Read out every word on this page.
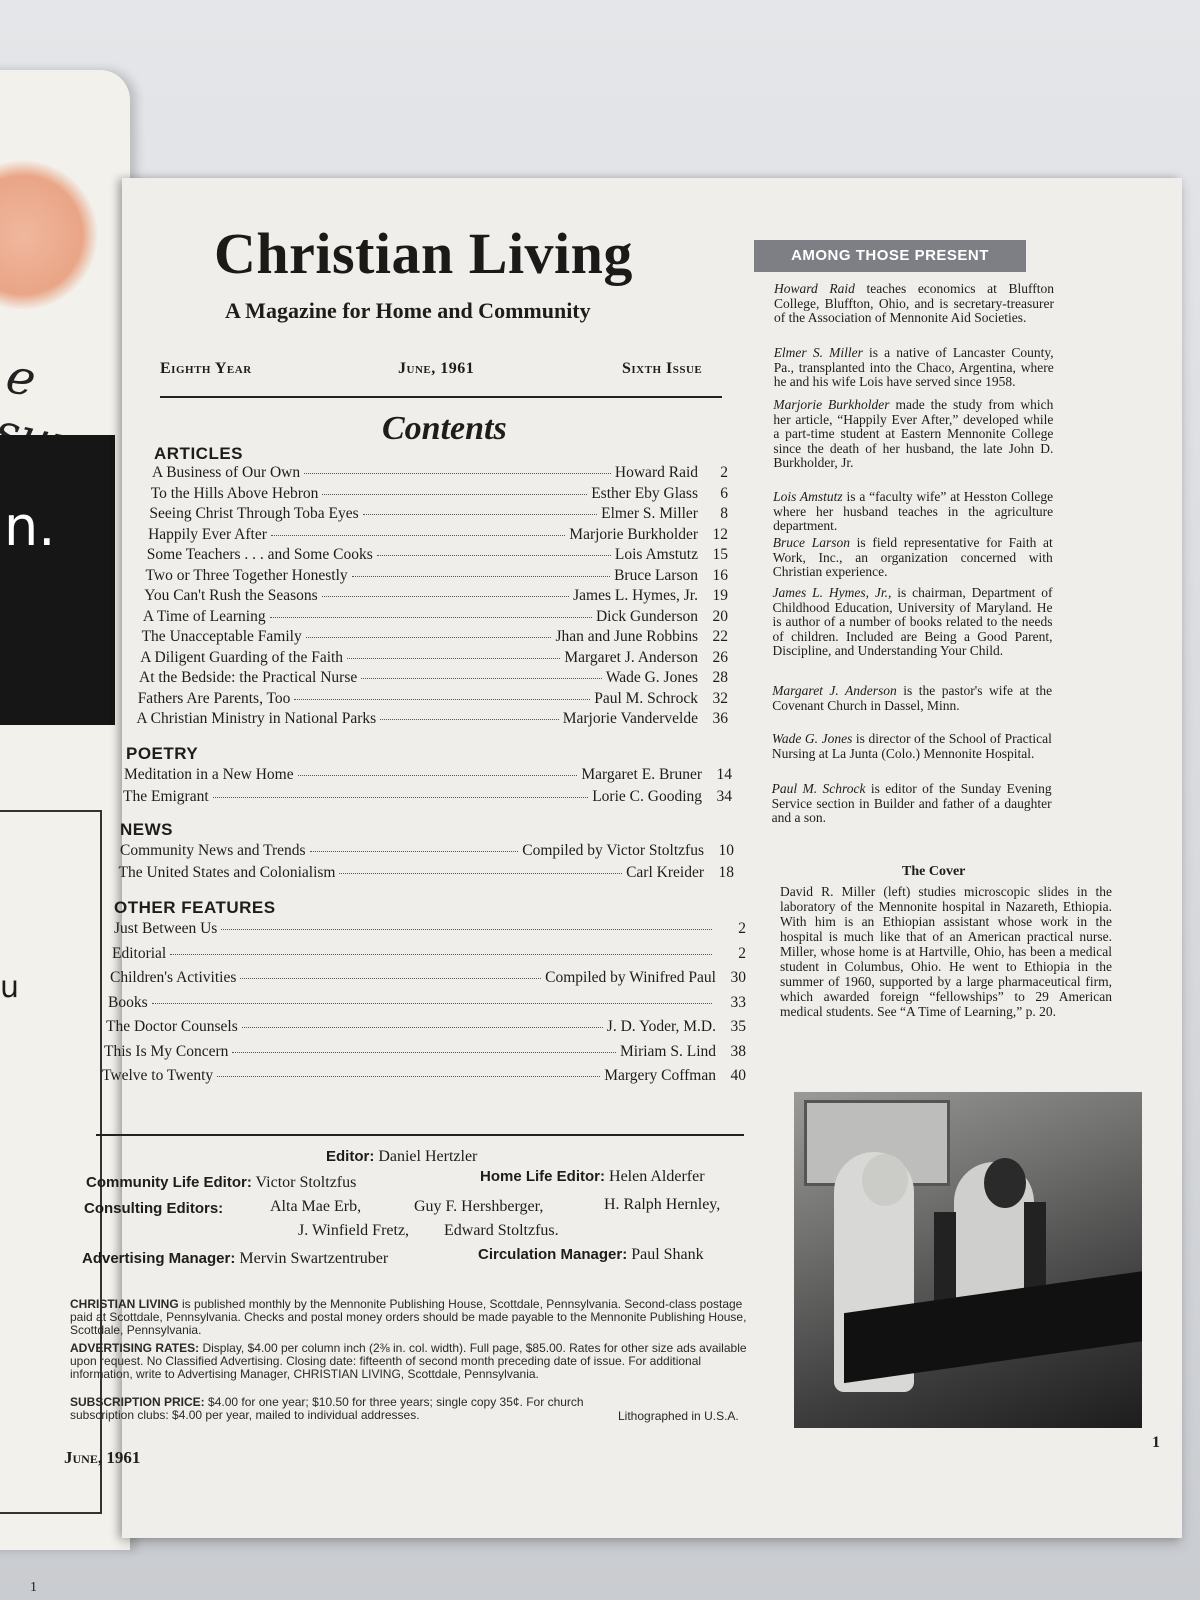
e
n.
u
1
Christian Living
A Magazine for Home and Community
Eighth Year	June, 1961	Sixth Issue
Contents
ARTICLES
A Business of Our Own	Howard Raid	2
To the Hills Above Hebron	Esther Eby Glass	6
Seeing Christ Through Toba Eyes	Elmer S. Miller	8
Happily Ever After	Marjorie Burkholder 12
Some Teachers . . . and Some Cooks	Lois Amstutz 15
Two or Three Together Honestly	Bruce Larson 16
You Can't Rush the Seasons	James L. Hymes, Jr. 19
A Time of Learning	Dick Gunderson 20
The Unacceptable Family	Jhan and June Robbins 22
A Diligent Guarding of the Faith	Margaret J. Anderson 26
At the Bedside: the Practical Nurse	Wade G. Jones 28
Fathers Are Parents, Too	Paul M. Schrock 32
A Christian Ministry in National Parks	Marjorie Vandervelde 36
POETRY
Meditation in a New Home	Margaret E. Bruner 14
The Emigrant	Lorie C. Gooding 34
NEWS
Community News and Trends	Compiled by Victor Stoltzfus 10
The United States and Colonialism	Carl Kreider 18
OTHER FEATURES
Just Between Us	2
Editorial	2
Children's Activities	Compiled by Winifred Paul 30
Books	33
The Doctor Counsels	J. D. Yoder, M.D. 35
This Is My Concern	Miriam S. Lind 38
Twelve to Twenty	Margery Coffman 40
Editor: Daniel Hertzler
Community Life Editor: Victor Stoltzfus	Home Life Editor: Helen Alderfer
Consulting Editors:	Alta Mae Erb,	Guy F. Hershberger,	H. Ralph Hernley,
J. Winfield Fretz, Edward Stoltzfus.
Advertising Manager: Mervin Swartzentruber	Circulation Manager: Paul Shank
CHRISTIAN LIVING is published monthly by the Mennonite Publishing House, Scottdale, Pennsylvania. Second-class postage paid at Scottdale, Pennsylvania. Checks and postal money orders should be made payable to the Mennonite Publishing House, Scottdale, Pennsylvania.
ADVERTISING RATES: Display, $4.00 per column inch (2⅜ in. col. width). Full page, $85.00. Rates for other size ads available upon request. No Classified Advertising. Closing date: fifteenth of second month preceding date of issue. For additional information, write to Advertising Manager, CHRISTIAN LIVING, Scottdale, Pennsylvania.
SUBSCRIPTION PRICE: $4.00 for one year; $10.50 for three years; single copy 35¢. For church subscription clubs: $4.00 per year, mailed to individual addresses.	Lithographed in U.S.A.
June, 1961
AMONG THOSE PRESENT
Howard Raid teaches economics at Bluffton College, Bluffton, Ohio, and is secretary-treasurer of the Association of Mennonite Aid Societies.
Elmer S. Miller is a native of Lancaster County, Pa., transplanted into the Chaco, Argentina, where he and his wife Lois have served since 1958.
Marjorie Burkholder made the study from which her article, “Happily Ever After,” developed while a part-time student at Eastern Mennonite College since the death of her husband, the late John D. Burkholder, Jr.
Lois Amstutz is a “faculty wife” at Hesston College where her husband teaches in the agriculture department.
Bruce Larson is field representative for Faith at Work, Inc., an organization concerned with Christian experience.
James L. Hymes, Jr., is chairman, Department of Childhood Education, University of Maryland. He is author of a number of books related to the needs of children. Included are Being a Good Parent, Discipline, and Understanding Your Child.
Margaret J. Anderson is the pastor's wife at the Covenant Church in Dassel, Minn.
Wade G. Jones is director of the School of Practical Nursing at La Junta (Colo.) Mennonite Hospital.
Paul M. Schrock is editor of the Sunday Evening Service section in Builder and father of a daughter and a son.
The Cover
David R. Miller (left) studies microscopic slides in the laboratory of the Mennonite hospital in Nazareth, Ethiopia. With him is an Ethiopian assistant whose work in the hospital is much like that of an American practical nurse. Miller, whose home is at Hartville, Ohio, has been a medical student in Columbus, Ohio. He went to Ethiopia in the summer of 1960, supported by a large pharmaceutical firm, which awarded foreign “fellowships” to 29 American medical students. See “A Time of Learning,” p. 20.
1
